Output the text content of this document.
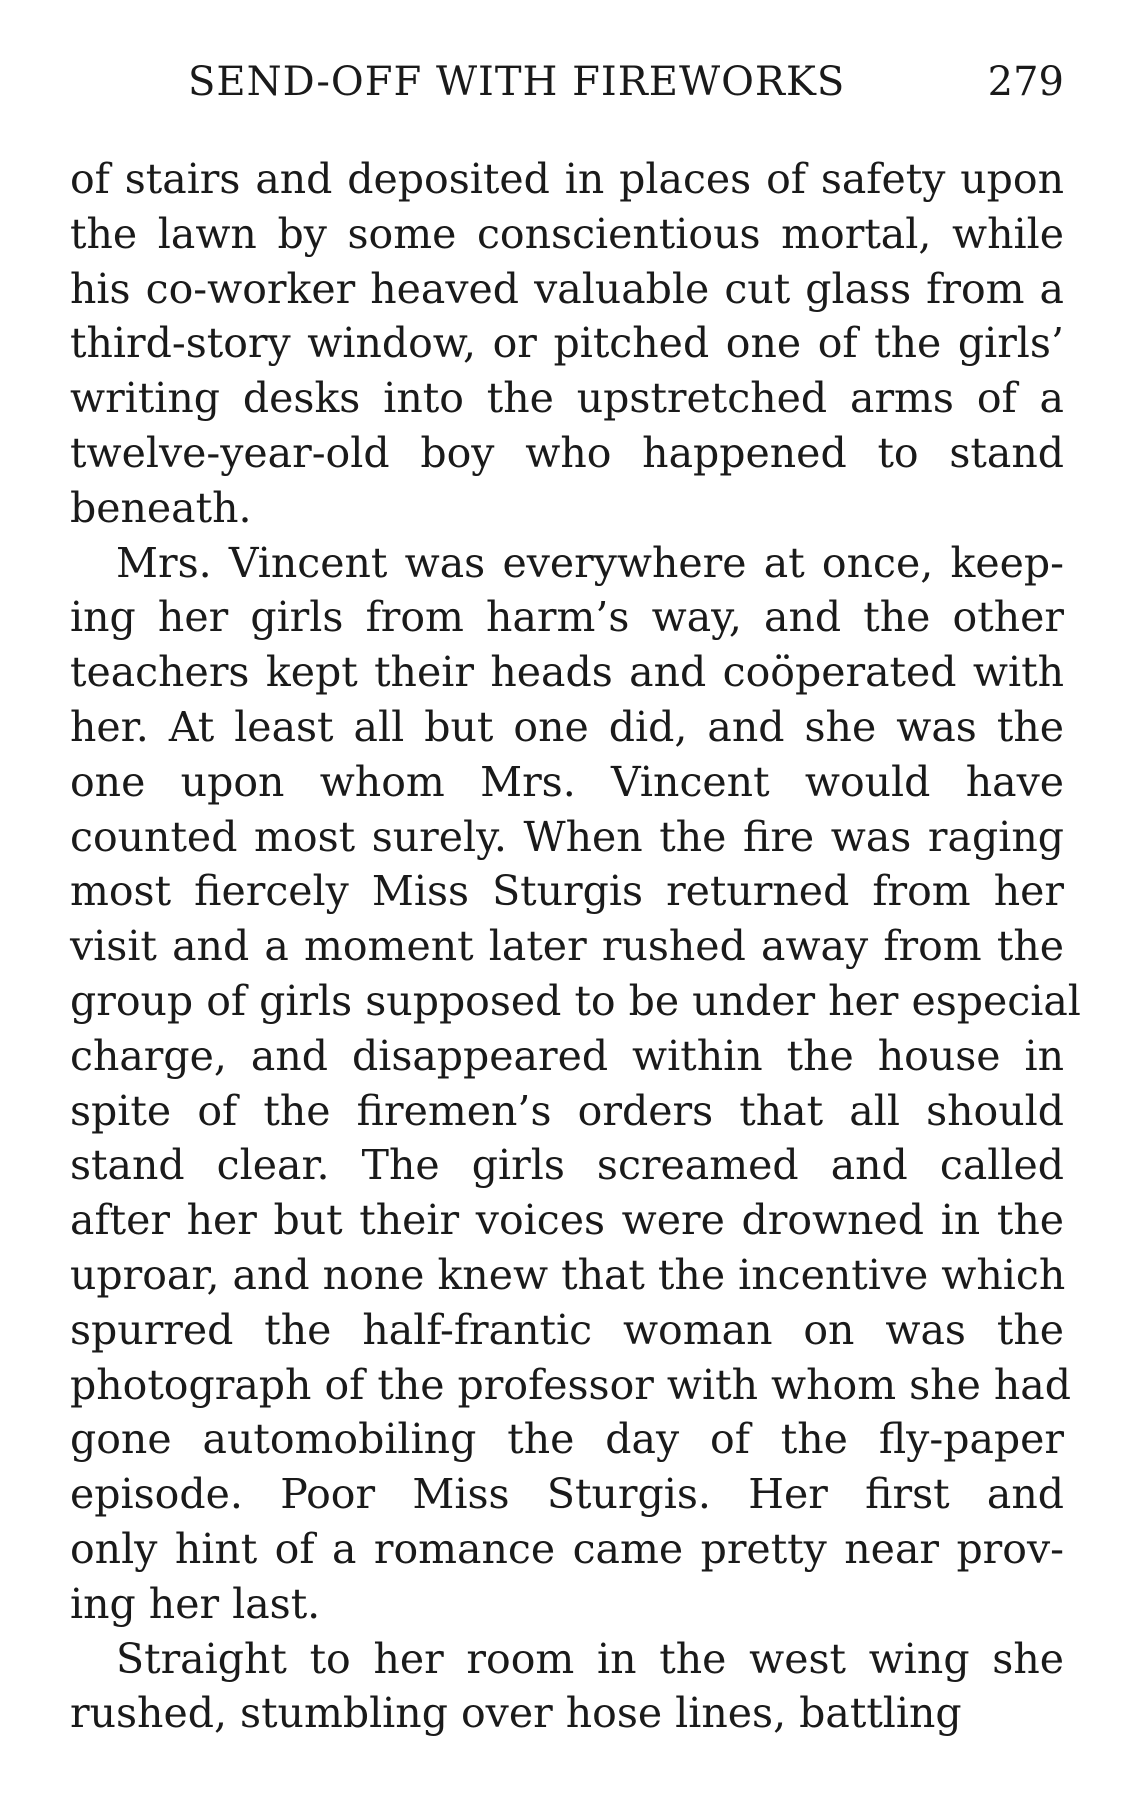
SEND-OFF WITH FIREWORKS	279
of stairs and deposited in places of safety upon
the lawn by some conscientious mortal, while
his co-worker heaved valuable cut glass from a
third-story window, or pitched one of the girls’
writing desks into the upstretched arms of a
twelve-year-old boy who happened to stand
beneath.
Mrs. Vincent was everywhere at once, keep-
ing her girls from harm’s way, and the other
teachers kept their heads and coöperated with
her. At least all but one did, and she was the
one upon whom Mrs. Vincent would have
counted most surely. When the fire was raging
most fiercely Miss Sturgis returned from her
visit and a moment later rushed away from the
group of girls supposed to be under her especial
charge, and disappeared within the house in
spite of the firemen’s orders that all should
stand clear. The girls screamed and called
after her but their voices were drowned in the
uproar, and none knew that the incentive which
spurred the half-frantic woman on was the
photograph of the professor with whom she had
gone automobiling the day of the fly-paper
episode. Poor Miss Sturgis. Her first and
only hint of a romance came pretty near prov-
ing her last.
Straight to her room in the west wing she
rushed, stumbling over hose lines, battling
